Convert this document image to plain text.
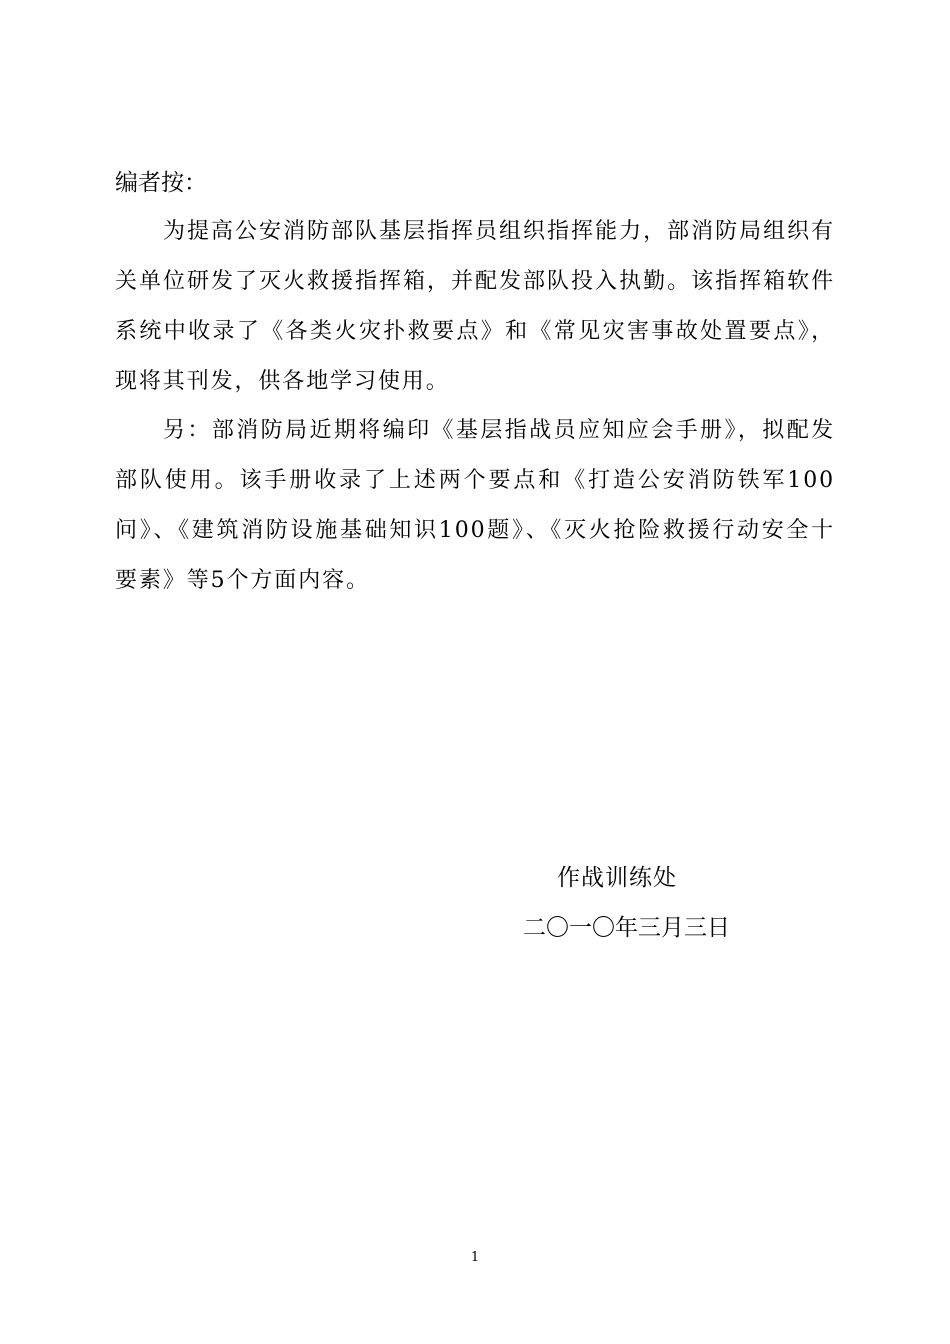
编者按：

为提高公安消防部队基层指挥员组织指挥能力，部消防局组织有关单位研发了灭火救援指挥箱，并配发部队投入执勤。该指挥箱软件系统中收录了《各类火灾扑救要点》和《常见灾害事故处置要点》，现将其刊发，供各地学习使用。

另：部消防局近期将编印《基层指战员应知应会手册》，拟配发部队使用。该手册收录了上述两个要点和《打造公安消防铁军100问》、《建筑消防设施基础知识100题》、《灭火抢险救援行动安全十要素》等5个方面内容。

作战训练处
二〇一〇年三月三日
1
